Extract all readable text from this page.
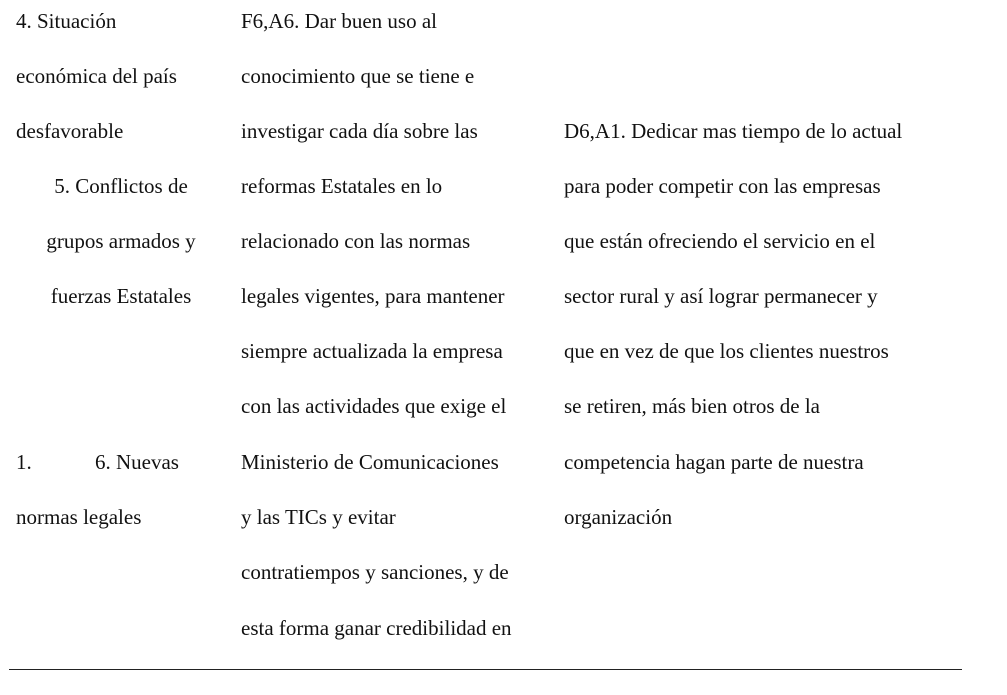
4. Situación
económica del país
desfavorable
5. Conflictos de
grupos armados y
fuerzas Estatales
1.	6. Nuevas
normas legales
F6,A6. Dar buen uso al
conocimiento que se tiene e
investigar cada día sobre las
reformas Estatales en lo
relacionado con las normas
legales vigentes, para mantener
siempre actualizada la empresa
con las actividades que exige el
Ministerio de Comunicaciones
y las TICs y evitar
contratiempos y sanciones, y de
esta forma ganar credibilidad en
D6,A1. Dedicar mas tiempo de lo actual
para poder competir con las empresas
que están ofreciendo el servicio en el
sector rural y así lograr permanecer y
que en vez de que los clientes nuestros
se retiren, más bien otros de la
competencia hagan parte de nuestra
organización
